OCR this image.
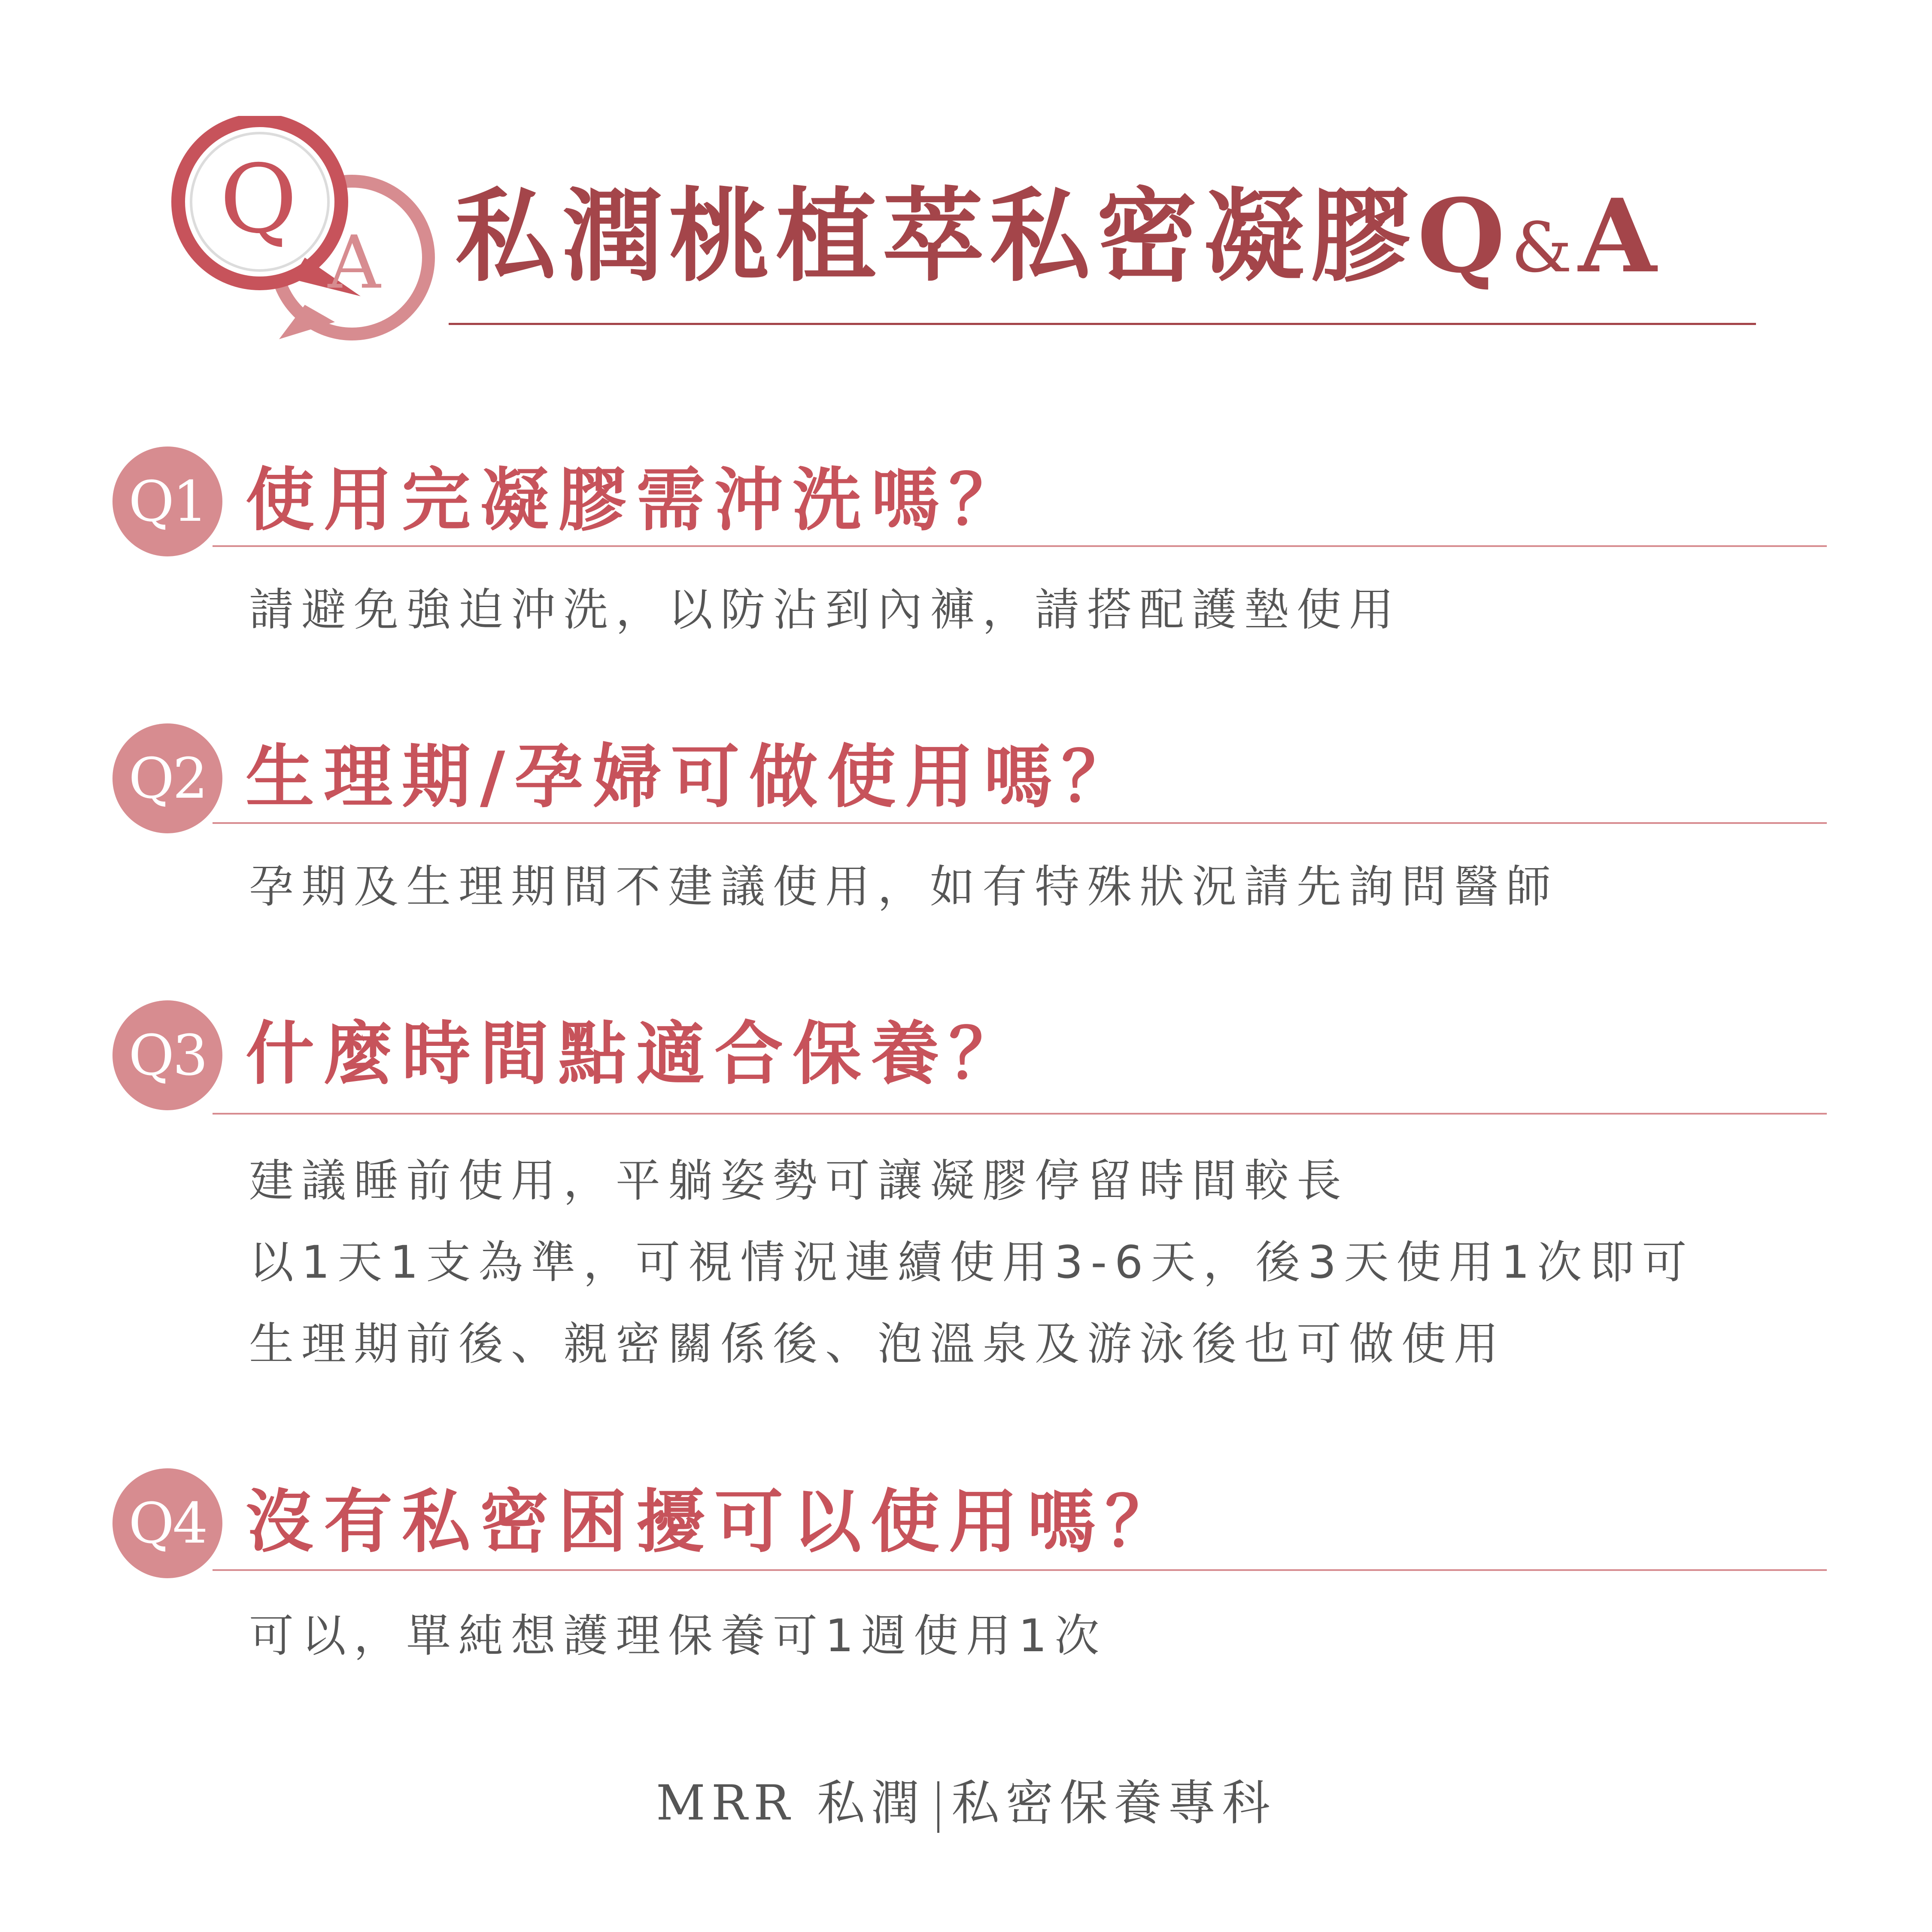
Q
A 私潤桃植萃私密凝膠Q&A
Q1 使用完凝膠需沖洗嗎？
請避免強迫沖洗，以防沾到內褲，請搭配護墊使用
Q2 生理期/孕婦可做使用嗎？
孕期及生理期間不建議使用，如有特殊狀況請先詢問醫師
Q3 什麼時間點適合保養？
建議睡前使用，平躺姿勢可讓凝膠停留時間較長
以1天1支為準，可視情況連續使用3-6天，後3天使用1次即可
生理期前後、親密關係後、泡溫泉及游泳後也可做使用
Q4 沒有私密困擾可以使用嗎？
可以，單純想護理保養可1週使用1次
MRR 私潤 私密保養專科
